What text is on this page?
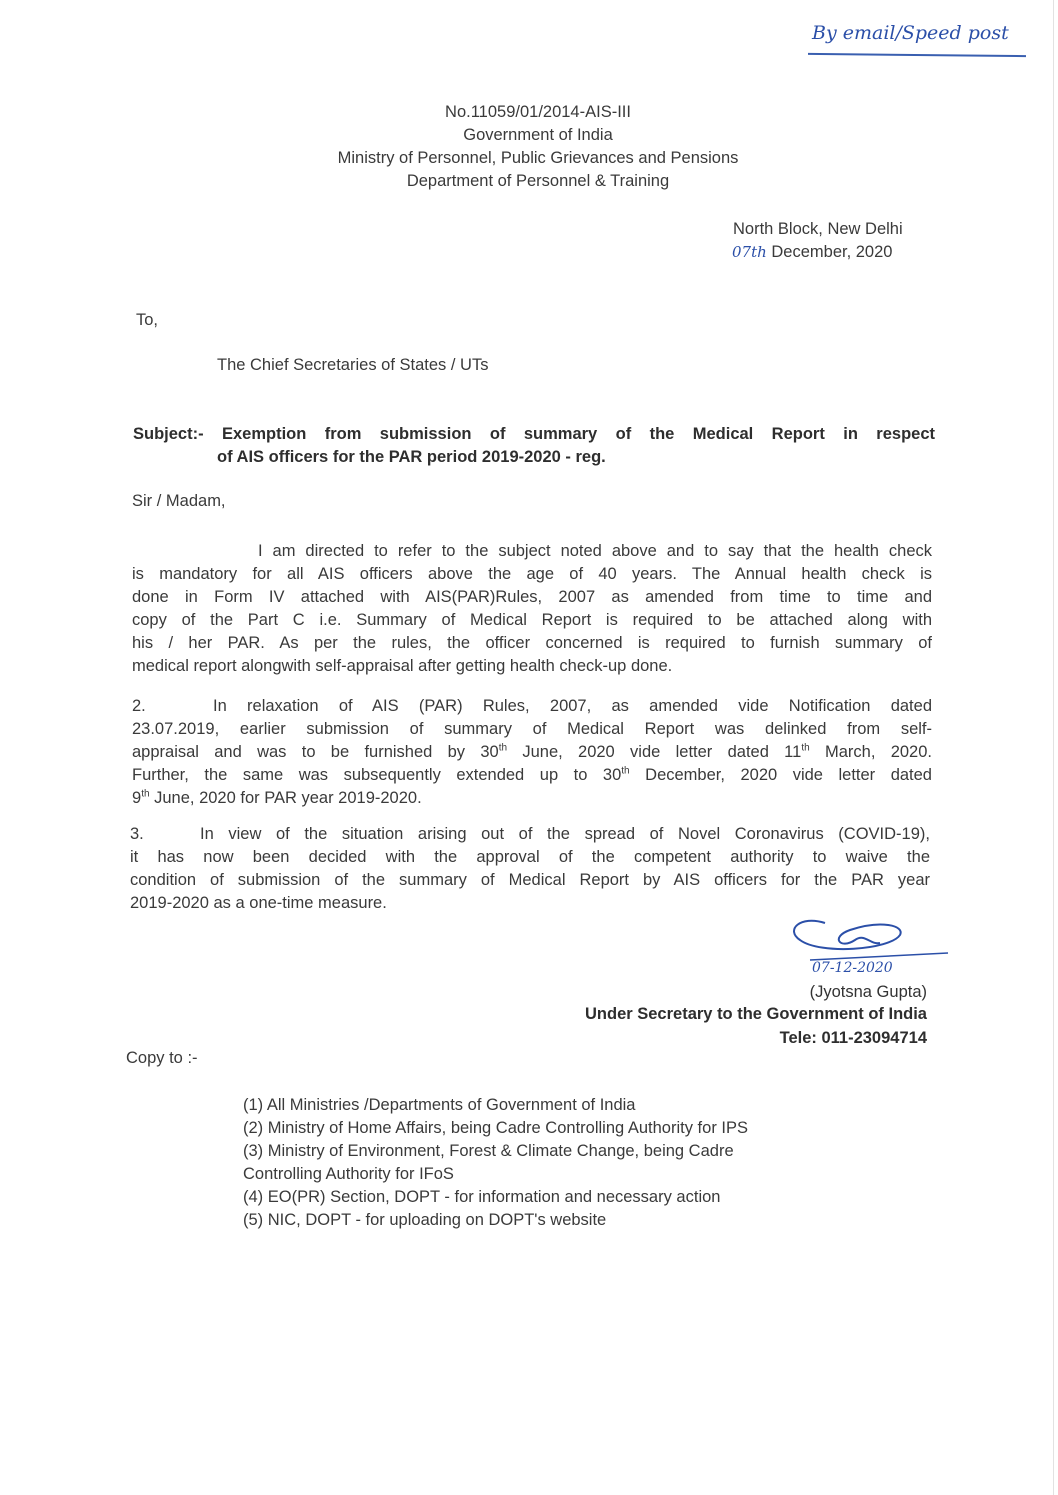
By email/Speed post
No.11059/01/2014-AIS-III
Government of India
Ministry of Personnel, Public Grievances and Pensions
Department of Personnel & Training
North Block, New Delhi
07th December, 2020
To,
The Chief Secretaries of States / UTs
Subject:- Exemption from submission of summary of the Medical Report in respect
of AIS officers for the PAR period 2019-2020 - reg.
Sir / Madam,
I am directed to refer to the subject noted above and to say that the health check
is mandatory for all AIS officers above the age of 40 years. The Annual health check is
done in Form IV attached with AIS(PAR)Rules, 2007 as amended from time to time and
copy of the Part C i.e. Summary of Medical Report is required to be attached along with
his / her PAR. As per the rules, the officer concerned is required to furnish summary of
medical report alongwith self-appraisal after getting health check-up done.
2.	In relaxation of AIS (PAR) Rules, 2007, as amended vide Notification dated
23.07.2019, earlier submission of summary of Medical Report was delinked from self-
appraisal and was to be furnished by 30th June, 2020 vide letter dated 11th March, 2020.
Further, the same was subsequently extended up to 30th December, 2020 vide letter dated
9th June, 2020 for PAR year 2019-2020.
3.	In view of the situation arising out of the spread of Novel Coronavirus (COVID-19),
it has now been decided with the approval of the competent authority to waive the
condition of submission of the summary of Medical Report by AIS officers for the PAR year
2019-2020 as a one-time measure.
07-12-2020
(Jyotsna Gupta)
Under Secretary to the Government of India
Tele: 011-23094714
Copy to :-
(1) All Ministries /Departments of Government of India
(2) Ministry of Home Affairs, being Cadre Controlling Authority for IPS
(3) Ministry of Environment, Forest & Climate Change, being Cadre
Controlling Authority for IFoS
(4) EO(PR) Section, DOPT - for information and necessary action
(5) NIC, DOPT - for uploading on DOPT's website
